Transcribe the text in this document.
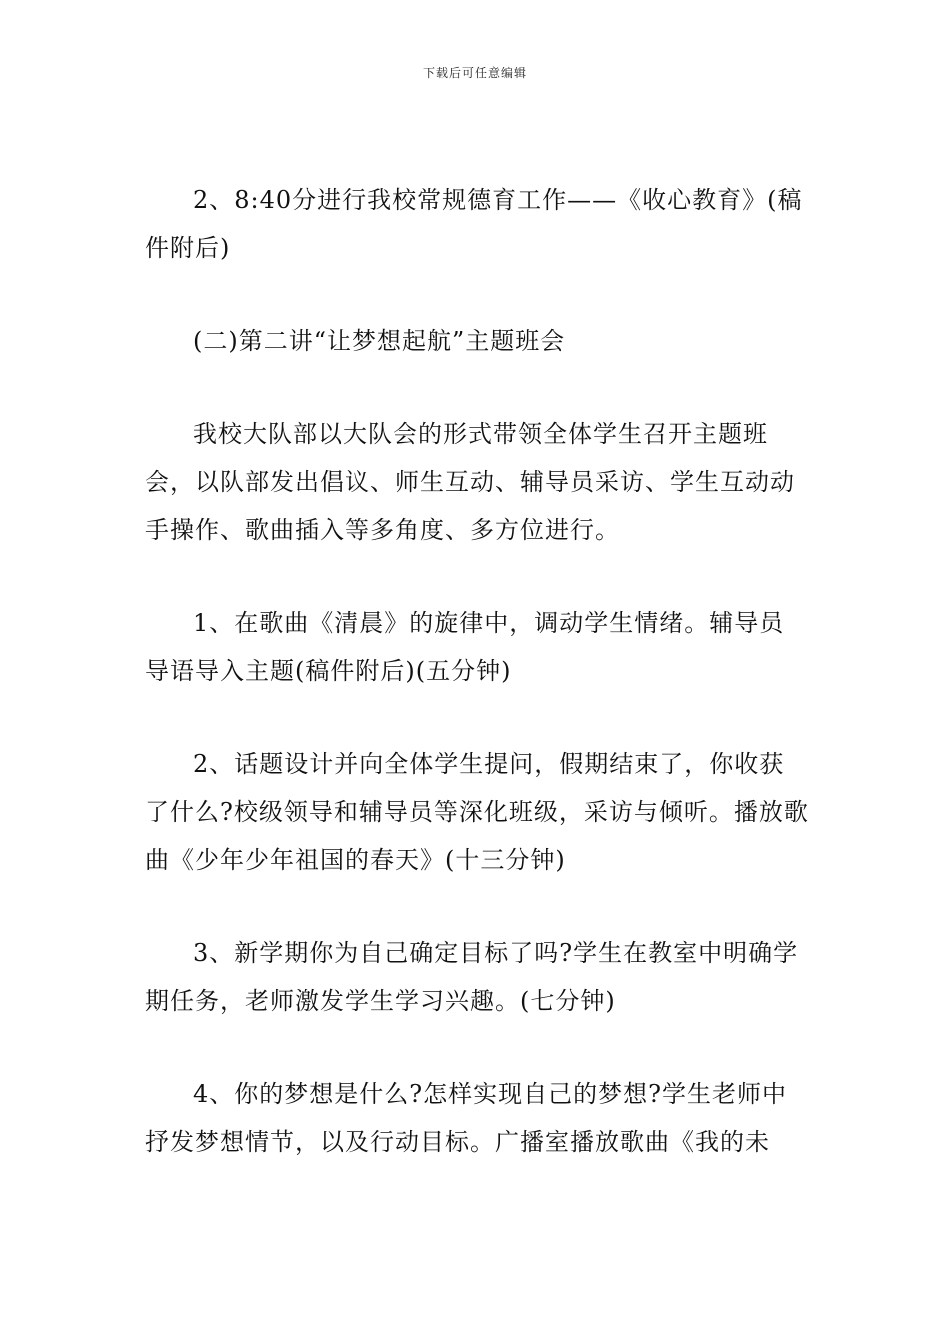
下载后可任意编辑

2、8:40分进行我校常规德育工作——《收心教育》(稿件附后)

(二)第二讲“让梦想起航”主题班会

我校大队部以大队会的形式带领全体学生召开主题班会，以队部发出倡议、师生互动、辅导员采访、学生互动动手操作、歌曲插入等多角度、多方位进行。

1、在歌曲《清晨》的旋律中，调动学生情绪。辅导员导语导入主题(稿件附后)(五分钟)

2、话题设计并向全体学生提问，假期结束了，你收获了什么?校级领导和辅导员等深化班级，采访与倾听。播放歌曲《少年少年祖国的春天》(十三分钟)

3、新学期你为自己确定目标了吗?学生在教室中明确学期任务，老师激发学生学习兴趣。(七分钟)

4、你的梦想是什么?怎样实现自己的梦想?学生老师中抒发梦想情节，以及行动目标。广播室播放歌曲《我的未
